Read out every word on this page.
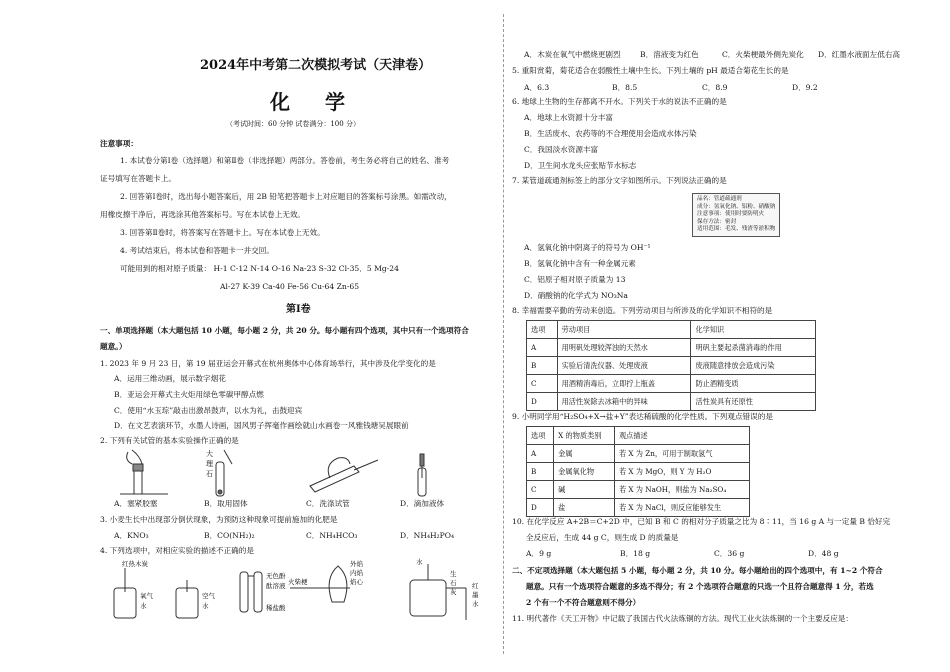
2024年中考第二次模拟考试（天津卷）
化 学
（考试时间：60 分钟 试卷满分：100 分）
注意事项：
1. 本试卷分第Ⅰ卷（选择题）和第Ⅱ卷（非选择题）两部分。答卷前，考生务必将自己的姓名、准考
证号填写在答题卡上。
2. 回答第Ⅰ卷时，选出每小题答案后，用 2B 铅笔把答题卡上对应题目的答案标号涂黑。如需改动，
用橡皮擦干净后，再选涂其他答案标号。写在本试卷上无效。
3. 回答第Ⅱ卷时，将答案写在答题卡上。写在本试卷上无效。
4. 考试结束后，将本试卷和答题卡一并交回。
可能用到的相对原子质量： H-1 C-12 N-14 O-16 Na-23 S-32 Cl-35．5 Mg-24
Al-27 K-39 Ca-40 Fe-56 Cu-64 Zn-65
第Ⅰ卷
一、单项选择题（本大题包括 10 小题，每小题 2 分，共 20 分。每小题有四个选项，其中只有一个选项符合
题意。）
1. 2023 年 9 月 23 日，第 19 届亚运会开幕式在杭州奥体中心体育场举行，其中涉及化学变化的是
A．运用三维动画，展示数字烟花
B．亚运会开幕式主火炬用绿色零碳甲醇点燃
C．使用“水玉琮”敲击出激昂鼓声，以水为礼，击鼓迎宾
D．在文艺表演环节，水墨人诗画，国风男子挥毫作画绘就山水画卷一风雅钱塘吴展眼前
2. 下列有关试管的基本实验操作正确的是
大
理
石
A．塞紧胶塞	B．取用固体	C．洗涤试管	D．滴加液体
3. 小麦生长中出现部分倒伏现象，为预防这种现象可提前施加的化肥是
A．KNO₃	B．CO(NH₂)₂	C．NH₄HCO₃	D．NH₄H₂PO₄
4. 下列选项中，对相应实验的描述不正确的是
红热木炭
氧气
水
空气
水
无色酚
酞溶液
稀盐酸
火柴梗
外焰
内焰
焰心
水
生
石
灰
红
墨
水
A．木炭在氧气中燃烧更剧烈	B．溶液变为红色	C．火柴梗最外侧先炭化 D．红墨水液面左低右高
5. 重阳赏菊，菊花适合在弱酸性土壤中生长。下列土壤的 pH 最适合菊花生长的是
A．6.3	B．8.5	C．8.9	D．9.2
6. 地球上生物的生存都离不开水。下列关于水的说法不正确的是
A．地球上水资源十分丰富
B．生活废水、农药等的不合理使用会造成水体污染
C．我国淡水资源丰富
D．卫生间水龙头应张贴节水标志
7. 某管道疏通剂标签上的部分文字如图所示。下列说法正确的是
品名：管道疏通剂
成分：氢氧化钠、铝粉、硝酸钠
注意事项：使用时要防明火
保存方法：密封
适用范围：毛发、残渣等淤积物
A．氢氧化钠中阴离子的符号为 OH⁻¹
B．氢氧化钠中含有一种金属元素
C．铝原子相对原子质量为 13
D．硝酸钠的化学式为 NO₃Na
8. 幸福需要辛勤的劳动来创造。下列劳动项目与所涉及的化学知识不相符的是
选项	劳动项目	化学知识
A	用明矾处理较浑浊的天然水	明矾主要起杀菌消毒的作用
B	实验后清洗仪器、处理废液	废液随意排放会造成污染
C	用酒精消毒后，立即拧上瓶盖	防止酒精变质
D	用活性炭除去冰箱中的异味	活性炭具有还原性
9. 小明同学用“H₂SO₄+X→盐+Y”表达稀硫酸的化学性质。下列观点错误的是
选项	X 的物质类别	观点描述
A	金属	若 X 为 Zn，可用于制取氢气
B	金属氧化物	若 X 为 MgO，则 Y 为 H₂O
C	碱	若 X 为 NaOH，则盐为 Na₂SO₄
D	盐	若 X 为 NaCl，则反应能够发生
10. 在化学反应 A+2B＝C+2D 中，已知 B 和 C 的相对分子质量之比为 8∶11，当 16 g A 与一定量 B 恰好完
全反应后，生成 44 g C，则生成 D 的质量是
A．9 g	B．18 g	C．36 g	D．48 g
二、不定项选择题（本大题包括 5 小题，每小题 2 分，共 10 分。每小题给出的四个选项中，有 1~2 个符合
题意。只有一个选项符合题意的多选不得分；有 2 个选项符合题意的只选一个且符合题意得 1 分，若选
2 个有一个不符合题意则不得分）
11. 明代著作《天工开物》中记载了我国古代火法炼铜的方法。现代工业火法炼铜的一个主要反应是：
